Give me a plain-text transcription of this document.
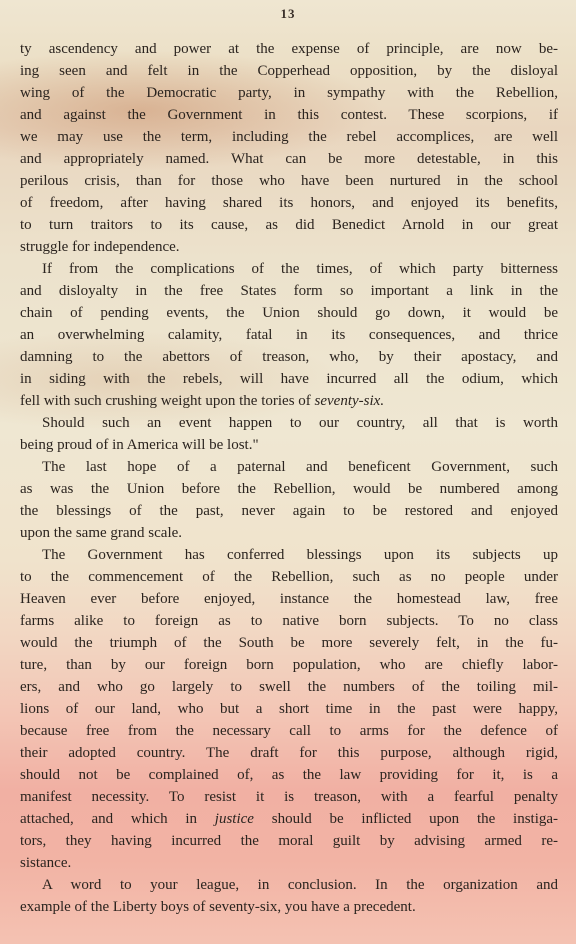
13
ty ascendency and power at the expense of principle, are now be-
ing seen and felt in the Copperhead opposition, by the disloyal
wing of the Democratic party, in sympathy with the Rebellion,
and against the Government in this contest. These scorpions, if
we may use the term, including the rebel accomplices, are well
and appropriately named. What can be more detestable, in this
perilous crisis, than for those who have been nurtured in the school
of freedom, after having shared its honors, and enjoyed its benefits,
to turn traitors to its cause, as did Benedict Arnold in our great
struggle for independence.
If from the complications of the times, of which party bitterness
and disloyalty in the free States form so important a link in the
chain of pending events, the Union should go down, it would be
an overwhelming calamity, fatal in its consequences, and thrice
damning to the abettors of treason, who, by their apostacy, and
in siding with the rebels, will have incurred all the odium, which
fell with such crushing weight upon the tories of seventy-six.
Should such an event happen to our country, all that is worth
being proud of in America will be lost."
The last hope of a paternal and beneficent Government, such
as was the Union before the Rebellion, would be numbered among
the blessings of the past, never again to be restored and enjoyed
upon the same grand scale.
The Government has conferred blessings upon its subjects up
to the commencement of the Rebellion, such as no people under
Heaven ever before enjoyed, instance the homestead law, free
farms alike to foreign as to native born subjects. To no class
would the triumph of the South be more severely felt, in the fu-
ture, than by our foreign born population, who are chiefly labor-
ers, and who go largely to swell the numbers of the toiling mil-
lions of our land, who but a short time in the past were happy,
because free from the necessary call to arms for the defence of
their adopted country. The draft for this purpose, although rigid,
should not be complained of, as the law providing for it, is a
manifest necessity. To resist it is treason, with a fearful penalty
attached, and which in justice should be inflicted upon the instiga-
tors, they having incurred the moral guilt by advising armed re-
sistance.
A word to your league, in conclusion. In the organization and
example of the Liberty boys of seventy-six, you have a precedent.
